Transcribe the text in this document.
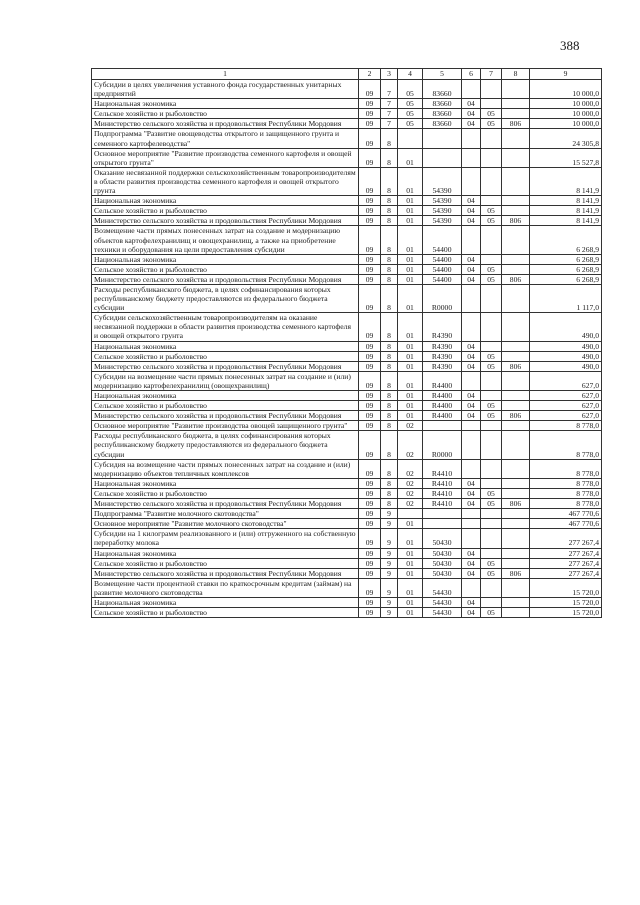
388
1	2	3	4	5	6	7	8	9
Субсидии в целях увеличения уставного фонда государственных унитарных предприятий	09	7	05	83660				10 000,0
Национальная экономика	09	7	05	83660	04			10 000,0
Сельское хозяйство и рыболовство	09	7	05	83660	04	05		10 000,0
Министерство сельского хозяйства и продовольствия Республики Мордовия	09	7	05	83660	04	05	806	10 000,0
Подпрограмма "Развитие овощеводства открытого и защищенного грунта и семенного картофелеводства"	09	8						24 305,8
Основное мероприятие "Развитие производства семенного картофеля и овощей открытого грунта"	09	8	01					15 527,8
Оказание несвязанной поддержки сельскохозяйственным товаропроизводителям в области развития производства семенного картофеля и овощей открытого грунта	09	8	01	54390				8 141,9
Национальная экономика	09	8	01	54390	04			8 141,9
Сельское хозяйство и рыболовство	09	8	01	54390	04	05		8 141,9
Министерство сельского хозяйства и продовольствия Республики Мордовия	09	8	01	54390	04	05	806	8 141,9
Возмещение части прямых понесенных затрат на создание и модернизацию объектов картофелехранилищ и овощехранилищ, а также на приобретение техники и оборудования на цели предоставления субсидии	09	8	01	54400				6 268,9
Национальная экономика	09	8	01	54400	04			6 268,9
Сельское хозяйство и рыболовство	09	8	01	54400	04	05		6 268,9
Министерство сельского хозяйства и продовольствия Республики Мордовия	09	8	01	54400	04	05	806	6 268,9
Расходы республиканского бюджета, в целях софинансирования которых республиканскому бюджету предоставляются из федерального бюджета субсидии	09	8	01	R0000				1 117,0
Субсидии сельскохозяйственным товаропроизводителям на оказание несвязанной поддержки в области развития производства семенного картофеля и овощей открытого грунта	09	8	01	R4390				490,0
Национальная экономика	09	8	01	R4390	04			490,0
Сельское хозяйство и рыболовство	09	8	01	R4390	04	05		490,0
Министерство сельского хозяйства и продовольствия Республики Мордовия	09	8	01	R4390	04	05	806	490,0
Субсидии на возмещение части прямых понесенных затрат на создание и (или) модернизацию картофелехранилищ (овощехранилищ)	09	8	01	R4400				627,0
Национальная экономика	09	8	01	R4400	04			627,0
Сельское хозяйство и рыболовство	09	8	01	R4400	04	05		627,0
Министерство сельского хозяйства и продовольствия Республики Мордовия	09	8	01	R4400	04	05	806	627,0
Основное мероприятие "Развитие производства овощей защищенного грунта"	09	8	02					8 778,0
Расходы республиканского бюджета, в целях софинансирования которых республиканскому бюджету предоставляются из федерального бюджета субсидии	09	8	02	R0000				8 778,0
Субсидия на возмещение части прямых понесенных затрат на создание и (или) модернизацию объектов тепличных комплексов	09	8	02	R4410				8 778,0
Национальная экономика	09	8	02	R4410	04			8 778,0
Сельское хозяйство и рыболовство	09	8	02	R4410	04	05		8 778,0
Министерство сельского хозяйства и продовольствия Республики Мордовия	09	8	02	R4410	04	05	806	8 778,0
Подпрограмма "Развитие молочного скотоводства"	09	9						467 770,6
Основное мероприятие "Развитие молочного скотоводства"	09	9	01					467 770,6
Субсидии на 1 килограмм реализованного и (или) отгруженного на собственную переработку молока	09	9	01	50430				277 267,4
Национальная экономика	09	9	01	50430	04			277 267,4
Сельское хозяйство и рыболовство	09	9	01	50430	04	05		277 267,4
Министерство сельского хозяйства и продовольствия Республики Мордовия	09	9	01	50430	04	05	806	277 267,4
Возмещение части процентной ставки по краткосрочным кредитам (займам) на развитие молочного скотоводства	09	9	01	54430				15 720,0
Национальная экономика	09	9	01	54430	04			15 720,0
Сельское хозяйство и рыболовство	09	9	01	54430	04	05		15 720,0
